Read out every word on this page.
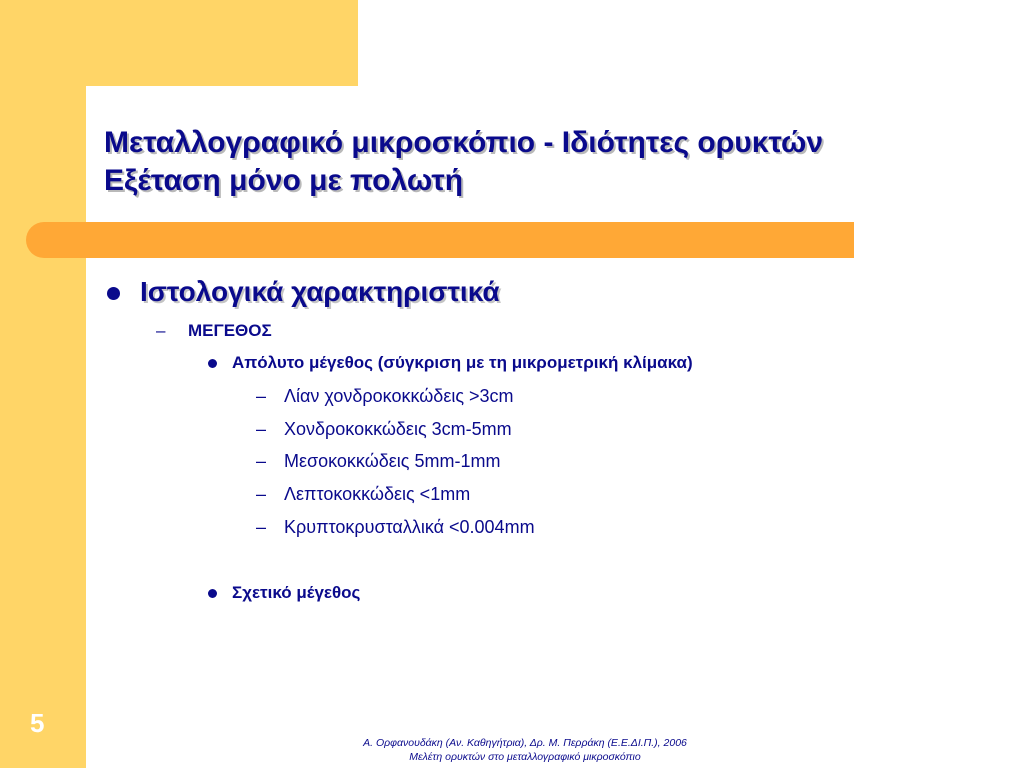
Μεταλλογραφικό μικροσκόπιο - Ιδιότητες ορυκτών
Εξέταση μόνο με πολωτή
Ιστολογικά χαρακτηριστικά
– ΜΕΓΕΘΟΣ
Απόλυτο μέγεθος (σύγκριση με τη μικρομετρική κλίμακα)
– Λίαν χονδροκοκκώδεις >3cm
– Χονδροκοκκώδεις 3cm-5mm
– Μεσοκοκκώδεις 5mm-1mm
– Λεπτοκοκκώδεις <1mm
– Κρυπτοκρυσταλλικά <0.004mm
Σχετικό μέγεθος

5

Α. Ορφανουδάκη (Αν. Καθηγήτρια), Δρ. Μ. Περράκη (Ε.Ε.ΔΙ.Π.), 2006
Μελέτη ορυκτών στο μεταλλογραφικό μικροσκόπιο
